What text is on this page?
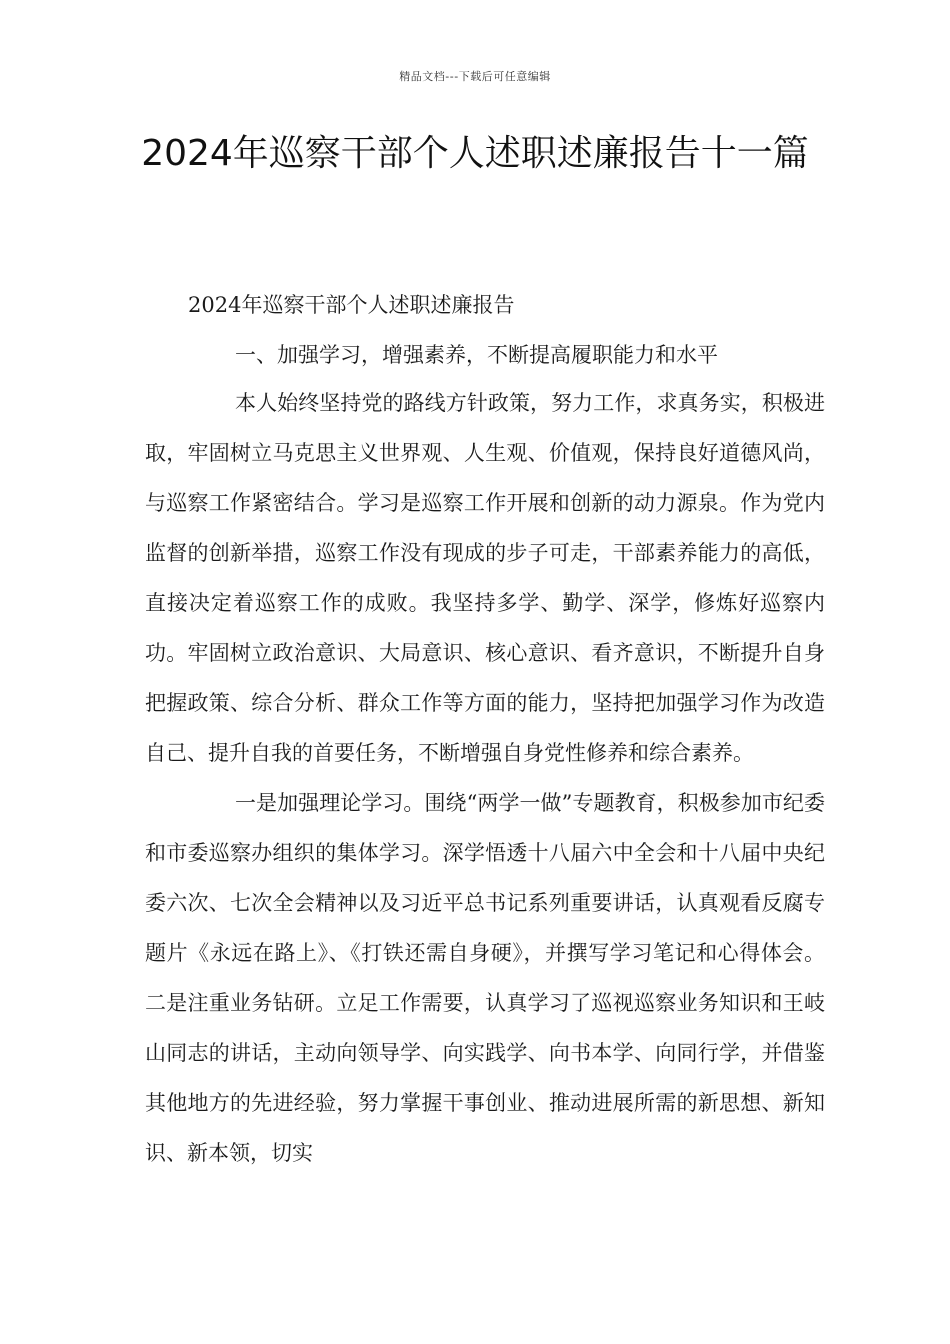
精品文档---下载后可任意编辑
2024年巡察干部个人述职述廉报告十一篇
2024年巡察干部个人述职述廉报告
一、加强学习，增强素养，不断提高履职能力和水平

本人始终坚持党的路线方针政策，努力工作，求真务实，积极进取，牢固树立马克思主义世界观、人生观、价值观，保持良好道德风尚，与巡察工作紧密结合。学习是巡察工作开展和创新的动力源泉。作为党内监督的创新举措，巡察工作没有现成的步子可走，干部素养能力的高低，直接决定着巡察工作的成败。我坚持多学、勤学、深学，修炼好巡察内功。牢固树立政治意识、大局意识、核心意识、看齐意识，不断提升自身把握政策、综合分析、群众工作等方面的能力，坚持把加强学习作为改造自己、提升自我的首要任务，不断增强自身党性修养和综合素养。

一是加强理论学习。围绕“两学一做”专题教育，积极参加市纪委和市委巡察办组织的集体学习。深学悟透十八届六中全会和十八届中央纪委六次、七次全会精神以及习近平总书记系列重要讲话，认真观看反腐专题片《永远在路上》、《打铁还需自身硬》，并撰写学习笔记和心得体会。二是注重业务钻研。立足工作需要，认真学习了巡视巡察业务知识和王岐山同志的讲话，主动向领导学、向实践学、向书本学、向同行学，并借鉴其他地方的先进经验，努力掌握干事创业、推动进展所需的新思想、新知识、新本领，切实
